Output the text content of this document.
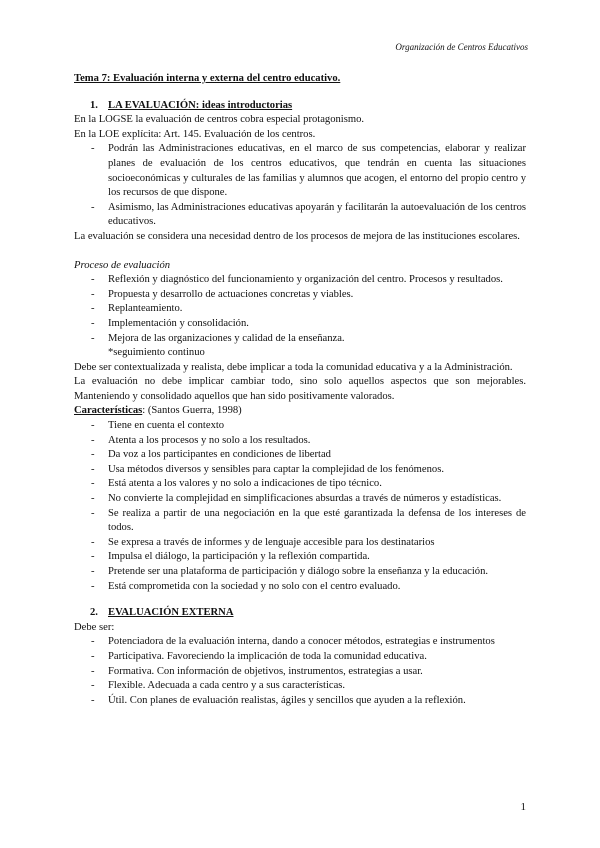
Organización de Centros Educativos

Tema 7: Evaluación interna y externa del centro educativo.

1. LA EVALUACIÓN: ideas introductorias

En la LOGSE la evaluación de centros cobra especial protagonismo.

En la LOE explícita: Art. 145. Evaluación de los centros.

- Podrán las Administraciones educativas, en el marco de sus competencias, elaborar y realizar planes de evaluación de los centros educativos, que tendrán en cuenta las situaciones socioeconómicas y culturales de las familias y alumnos que acogen, el entorno del propio centro y los recursos de que dispone.
- Asimismo, las Administraciones educativas apoyarán y facilitarán la autoevaluación de los centros educativos.

La evaluación se considera una necesidad dentro de los procesos de mejora de las instituciones escolares.

Proceso de evaluación

- Reflexión y diagnóstico del funcionamiento y organización del centro. Procesos y resultados.
- Propuesta y desarrollo de actuaciones concretas y viables.
- Replanteamiento.
- Implementación y consolidación.
- Mejora de las organizaciones y calidad de la enseñanza.

*seguimiento continuo

Debe ser contextualizada y realista, debe implicar a toda la comunidad educativa y a la Administración.

La evaluación no debe implicar cambiar todo, sino solo aquellos aspectos que son mejorables. Manteniendo y consolidado aquellos que han sido positivamente valorados.

Características: (Santos Guerra, 1998)

- Tiene en cuenta el contexto
- Atenta a los procesos y no solo a los resultados.
- Da voz a los participantes en condiciones de libertad
- Usa métodos diversos y sensibles para captar la complejidad de los fenómenos.
- Está atenta a los valores y no solo a indicaciones de tipo técnico.
- No convierte la complejidad en simplificaciones absurdas a través de números y estadísticas.
- Se realiza a partir de una negociación en la que esté garantizada la defensa de los intereses de todos.
- Se expresa a través de informes y de lenguaje accesible para los destinatarios
- Impulsa el diálogo, la participación y la reflexión compartida.
- Pretende ser una plataforma de participación y diálogo sobre la enseñanza y la educación.
- Está comprometida con la sociedad y no solo con el centro evaluado.
2. EVALUACIÓN EXTERNA

Debe ser:

- Potenciadora de la evaluación interna, dando a conocer métodos, estrategias e instrumentos
- Participativa. Favoreciendo la implicación de toda la comunidad educativa.
- Formativa. Con información de objetivos, instrumentos, estrategias a usar.
- Flexible. Adecuada a cada centro y a sus características.
- Útil. Con planes de evaluación realistas, ágiles y sencillos que ayuden a la reflexión.
1
